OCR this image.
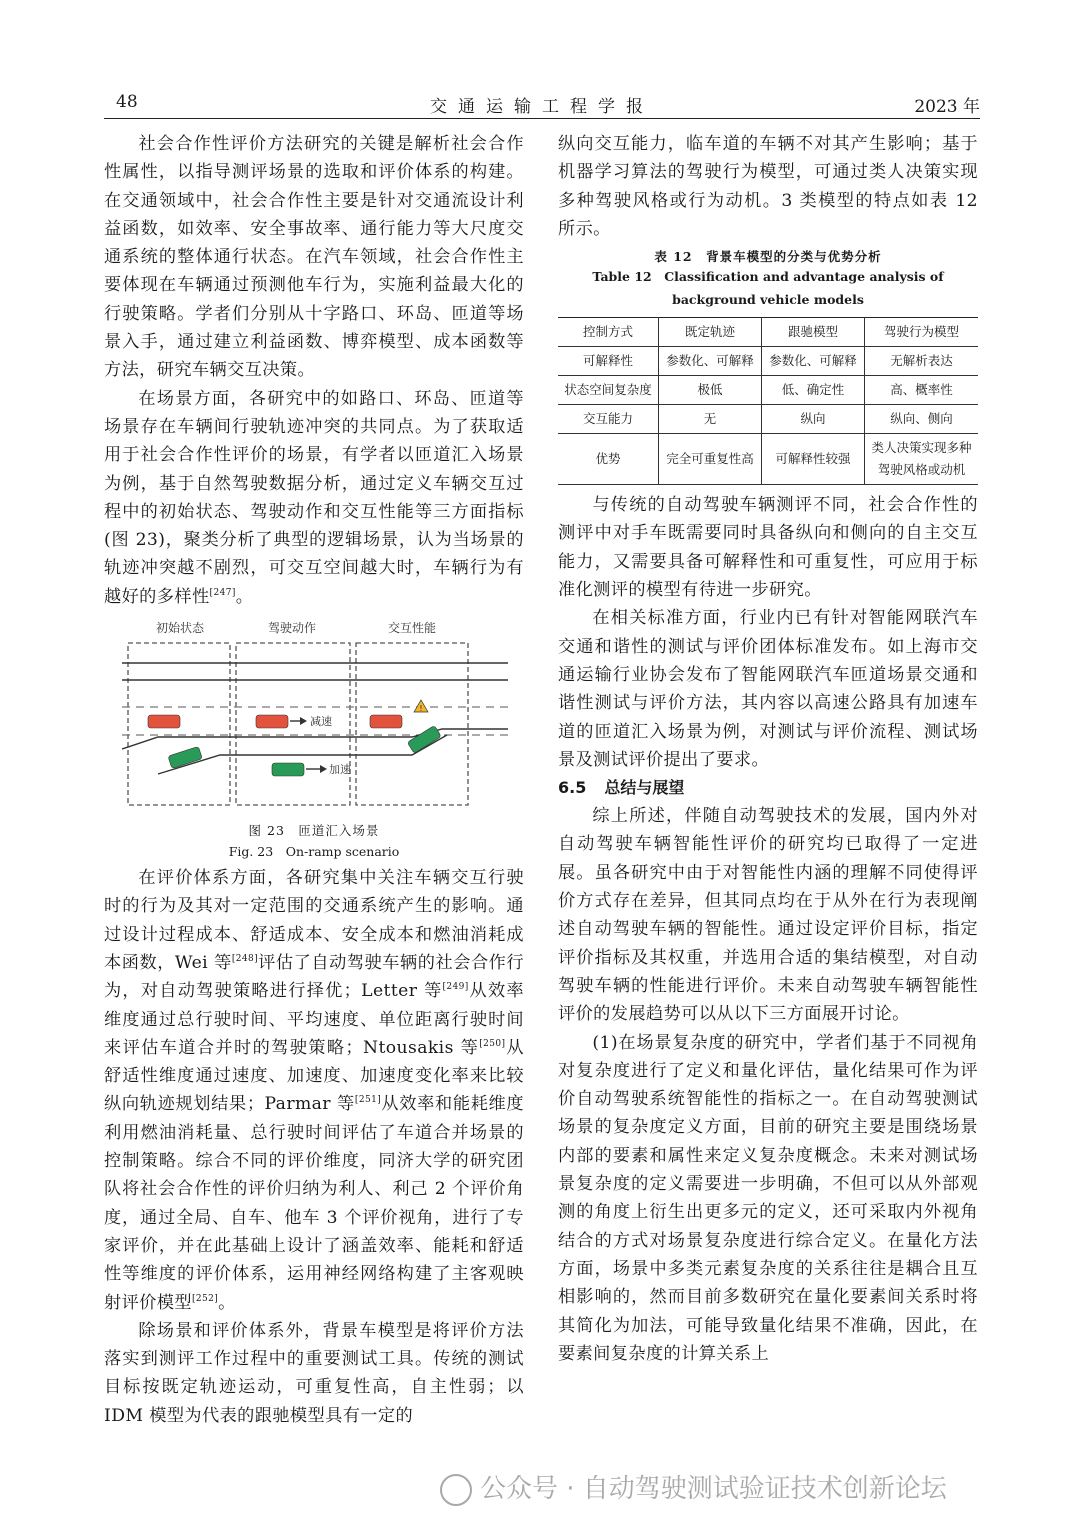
48	交通运输工程学报	2023 年

社会合作性评价方法研究的关键是解析社会合作性属性，以指导测评场景的选取和评价体系的构建。在交通领域中，社会合作性主要是针对交通流设计利益函数，如效率、安全事故率、通行能力等大尺度交通系统的整体通行状态。在汽车领域，社会合作性主要体现在车辆通过预测他车行为，实施利益最大化的行驶策略。学者们分别从十字路口、环岛、匝道等场景入手，通过建立利益函数、博弈模型、成本函数等方法，研究车辆交互决策。

在场景方面，各研究中的如路口、环岛、匝道等场景存在车辆间行驶轨迹冲突的共同点。为了获取适用于社会合作性评价的场景，有学者以匝道汇入场景为例，基于自然驾驶数据分析，通过定义车辆交互过程中的初始状态、驾驶动作和交互性能等三方面指标(图 23)，聚类分析了典型的逻辑场景，认为当场景的轨迹冲突越不剧烈，可交互空间越大时，车辆行为有越好的多样性[247]。

初始状态	驾驶动作	交互性能
减速
加速
!
图 23　匝道汇入场景
Fig. 23　On-ramp scenario

在评价体系方面，各研究集中关注车辆交互行驶时的行为及其对一定范围的交通系统产生的影响。通过设计过程成本、舒适成本、安全成本和燃油消耗成本函数，Wei 等[248]评估了自动驾驶车辆的社会合作行为，对自动驾驶策略进行择优；Letter 等[249]从效率维度通过总行驶时间、平均速度、单位距离行驶时间来评估车道合并时的驾驶策略；Ntousakis 等[250]从舒适性维度通过速度、加速度、加速度变化率来比较纵向轨迹规划结果；Parmar 等[251]从效率和能耗维度利用燃油消耗量、总行驶时间评估了车道合并场景的控制策略。综合不同的评价维度，同济大学的研究团队将社会合作性的评价归纳为利人、利己 2 个评价角度，通过全局、自车、他车 3 个评价视角，进行了专家评价，并在此基础上设计了涵盖效率、能耗和舒适性等维度的评价体系，运用神经网络构建了主客观映射评价模型[252]。

除场景和评价体系外，背景车模型是将评价方法落实到测评工作过程中的重要测试工具。传统的测试目标按既定轨迹运动，可重复性高，自主性弱；以 IDM 模型为代表的跟驰模型具有一定的

纵向交互能力，临车道的车辆不对其产生影响；基于机器学习算法的驾驶行为模型，可通过类人决策实现多种驾驶风格或行为动机。3 类模型的特点如表 12 所示。

表 12　背景车模型的分类与优势分析
Table 12　Classification and advantage analysis of
background vehicle models
控制方式	既定轨迹	跟驰模型	驾驶行为模型
可解释性	参数化、可解释	参数化、可解释	无解析表达
状态空间复杂度	极低	低、确定性	高、概率性
交互能力	无	纵向	纵向、侧向
优势	完全可重复性高	可解释性较强	类人决策实现多种驾驶风格或动机

与传统的自动驾驶车辆测评不同，社会合作性的测评中对手车既需要同时具备纵向和侧向的自主交互能力，又需要具备可解释性和可重复性，可应用于标准化测评的模型有待进一步研究。

在相关标准方面，行业内已有针对智能网联汽车交通和谐性的测试与评价团体标准发布。如上海市交通运输行业协会发布了智能网联汽车匝道场景交通和谐性测试与评价方法，其内容以高速公路具有加速车道的匝道汇入场景为例，对测试与评价流程、测试场景及测试评价提出了要求。

6.5 总结与展望

综上所述，伴随自动驾驶技术的发展，国内外对自动驾驶车辆智能性评价的研究均已取得了一定进展。虽各研究中由于对智能性内涵的理解不同使得评价方式存在差异，但其同点均在于从外在行为表现阐述自动驾驶车辆的智能性。通过设定评价目标，指定评价指标及其权重，并选用合适的集结模型，对自动驾驶车辆的性能进行评价。未来自动驾驶车辆智能性评价的发展趋势可以从以下三方面展开讨论。

(1)在场景复杂度的研究中，学者们基于不同视角对复杂度进行了定义和量化评估，量化结果可作为评价自动驾驶系统智能性的指标之一。在自动驾驶测试场景的复杂度定义方面，目前的研究主要是围绕场景内部的要素和属性来定义复杂度概念。未来对测试场景复杂度的定义需要进一步明确，不但可以从外部观测的角度上衍生出更多元的定义，还可采取内外视角结合的方式对场景复杂度进行综合定义。在量化方法方面，场景中多类元素复杂度的关系往往是耦合且互相影响的，然而目前多数研究在量化要素间关系时将其简化为加法，可能导致量化结果不准确，因此，在要素间复杂度的计算关系上

公众号 · 自动驾驶测试验证技术创新论坛
